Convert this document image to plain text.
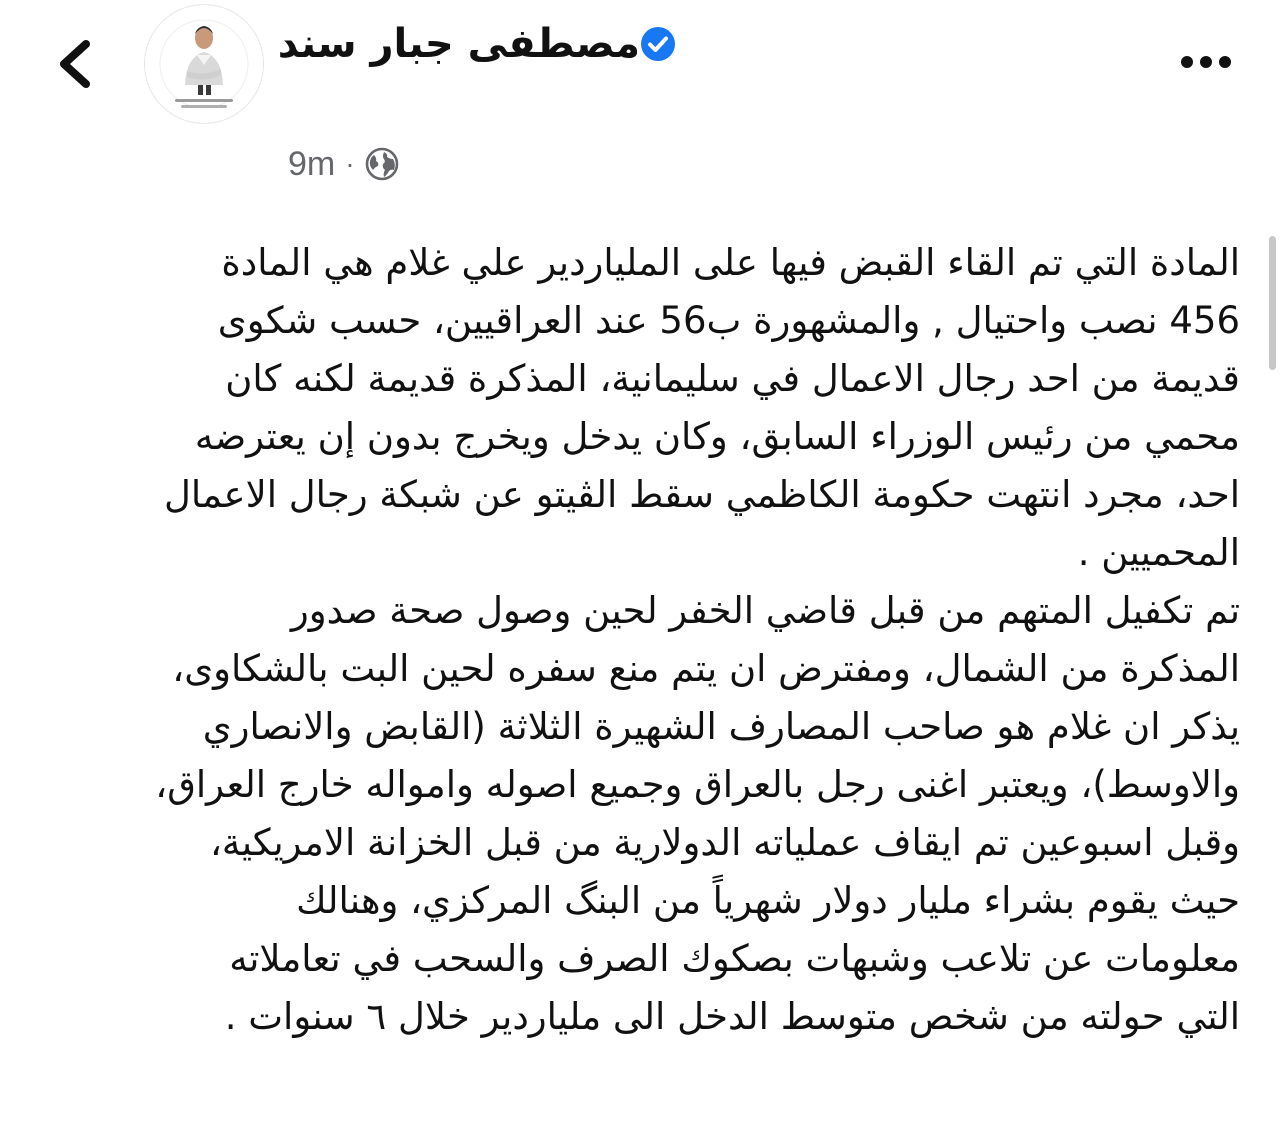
مصطفى جبار سند
9m ·

المادة التي تم القاء القبض فيها على الملياردير علي غلام هي المادة
456 نصب واحتيال , والمشهورة ب56 عند العراقيين، حسب شكوى
قديمة من احد رجال الاعمال في سليمانية، المذكرة قديمة لكنه كان
محمي من رئيس الوزراء السابق، وكان يدخل ويخرج بدون إن يعترضه
احد، مجرد انتهت حكومة الكاظمي سقط الڤيتو عن شبكة رجال الاعمال
المحميين .

تم تكفيل المتهم من قبل قاضي الخفر لحين وصول صحة صدور
المذكرة من الشمال، ومفترض ان يتم منع سفره لحين البت بالشكاوى،
يذكر ان غلام هو صاحب المصارف الشهيرة الثلاثة (القابض والانصاري
والاوسط)، ويعتبر اغنى رجل بالعراق وجميع اصوله وامواله خارج العراق،
وقبل اسبوعين تم ايقاف عملياته الدولارية من قبل الخزانة الامريكية،
حيث يقوم بشراء مليار دولار شهرياً من البنگ المركزي، وهنالك
معلومات عن تلاعب وشبهات بصكوك الصرف والسحب في تعاملاته
التي حولته من شخص متوسط الدخل الى ملياردير خلال ٦ سنوات .
